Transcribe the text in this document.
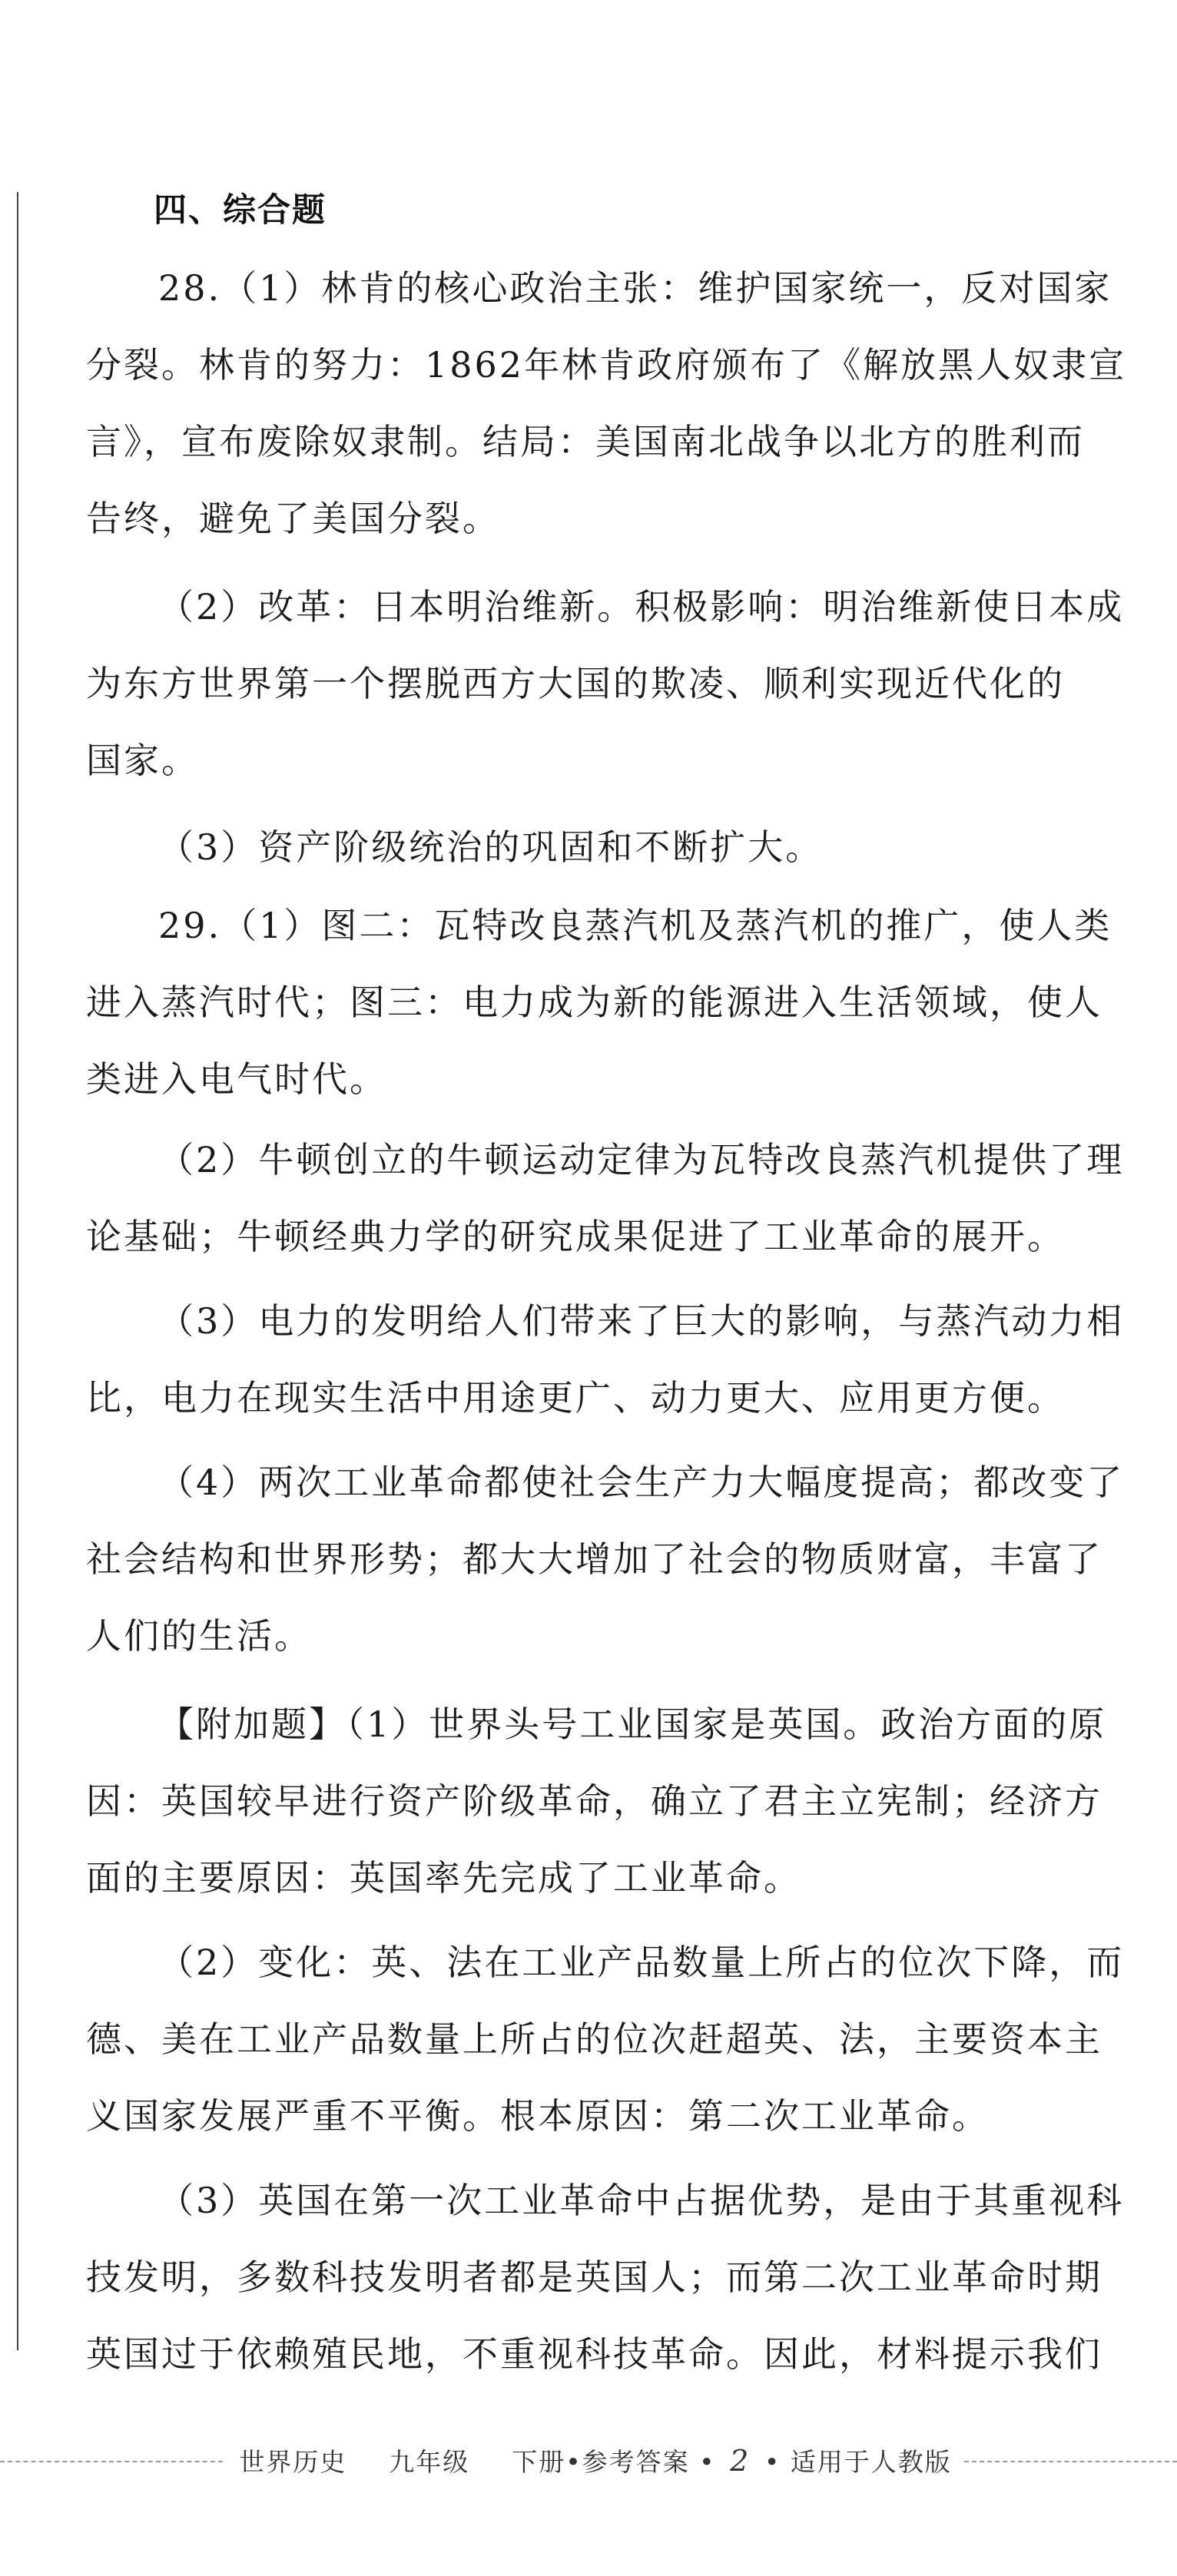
四、综合题
28.（1）林肯的核心政治主张：维护国家统一，反对国家
分裂。林肯的努力：1862年林肯政府颁布了《解放黑人奴隶宣
言》，宣布废除奴隶制。结局：美国南北战争以北方的胜利而
告终，避免了美国分裂。
（2）改革：日本明治维新。积极影响：明治维新使日本成
为东方世界第一个摆脱西方大国的欺凌、顺利实现近代化的
国家。
（3）资产阶级统治的巩固和不断扩大。
29.（1）图二：瓦特改良蒸汽机及蒸汽机的推广，使人类
进入蒸汽时代；图三：电力成为新的能源进入生活领域，使人
类进入电气时代。
（2）牛顿创立的牛顿运动定律为瓦特改良蒸汽机提供了理
论基础；牛顿经典力学的研究成果促进了工业革命的展开。
（3）电力的发明给人们带来了巨大的影响，与蒸汽动力相
比，电力在现实生活中用途更广、动力更大、应用更方便。
（4）两次工业革命都使社会生产力大幅度提高；都改变了
社会结构和世界形势；都大大增加了社会的物质财富，丰富了
人们的生活。
【附加题】（1）世界头号工业国家是英国。政治方面的原
因：英国较早进行资产阶级革命，确立了君主立宪制；经济方
面的主要原因：英国率先完成了工业革命。
（2）变化：英、法在工业产品数量上所占的位次下降，而
德、美在工业产品数量上所占的位次赶超英、法，主要资本主
义国家发展严重不平衡。根本原因：第二次工业革命。
（3）英国在第一次工业革命中占据优势，是由于其重视科
技发明，多数科技发明者都是英国人；而第二次工业革命时期
英国过于依赖殖民地，不重视科技革命。因此，材料提示我们
世界历史 九年级 下册•参考答案 • 2 • 适用于人教版
